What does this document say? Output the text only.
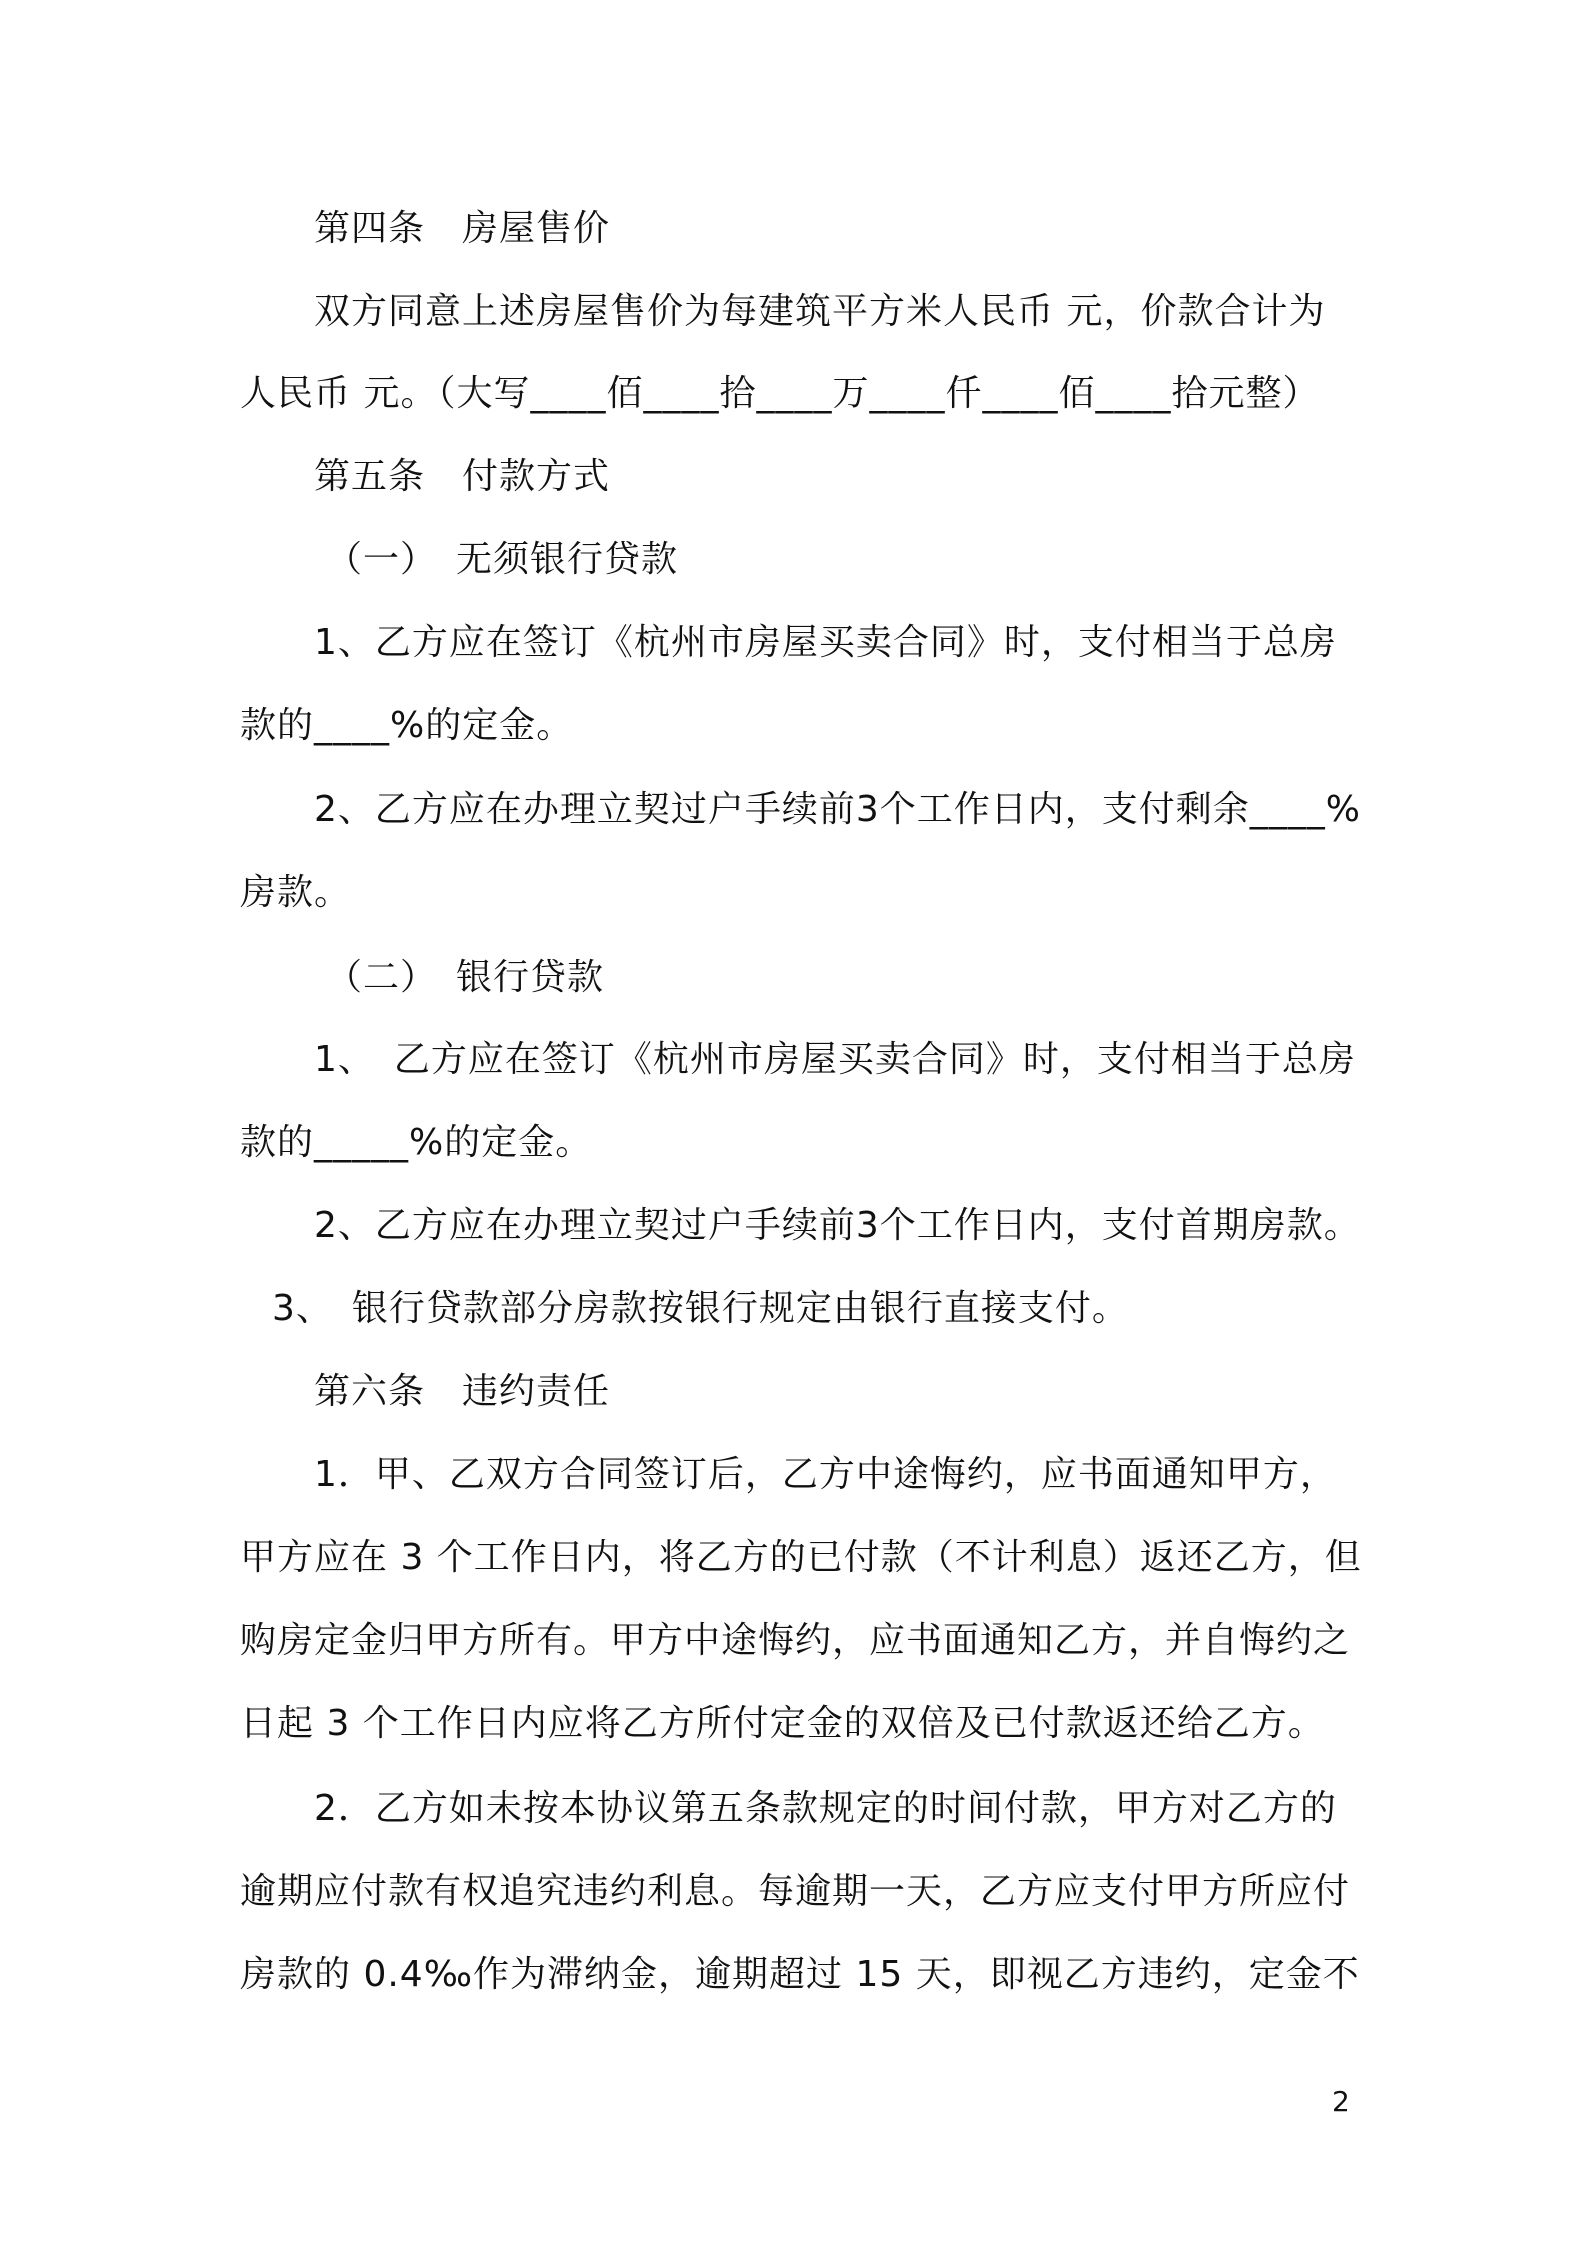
第四条　房屋售价
双方同意上述房屋售价为每建筑平方米人民币 元，价款合计为
人民币 元。（大写____佰____拾____万____仟____佰____拾元整）
第五条　付款方式
（一）　无须银行贷款
1、乙方应在签订《杭州市房屋买卖合同》时，支付相当于总房
款的____%的定金。
2、乙方应在办理立契过户手续前3个工作日内，支付剩余____%
房款。
（二）　银行贷款
1、　乙方应在签订《杭州市房屋买卖合同》时，支付相当于总房
款的_____%的定金。
2、乙方应在办理立契过户手续前3个工作日内，支付首期房款。
3、　银行贷款部分房款按银行规定由银行直接支付。
第六条　违约责任
1．甲、乙双方合同签订后，乙方中途悔约，应书面通知甲方，
甲方应在 3 个工作日内，将乙方的已付款（不计利息）返还乙方，但
购房定金归甲方所有。甲方中途悔约，应书面通知乙方，并自悔约之
日起 3 个工作日内应将乙方所付定金的双倍及已付款返还给乙方。
2．乙方如未按本协议第五条款规定的时间付款，甲方对乙方的
逾期应付款有权追究违约利息。每逾期一天，乙方应支付甲方所应付
房款的 0.4‰作为滞纳金，逾期超过 15 天，即视乙方违约，定金不
2
